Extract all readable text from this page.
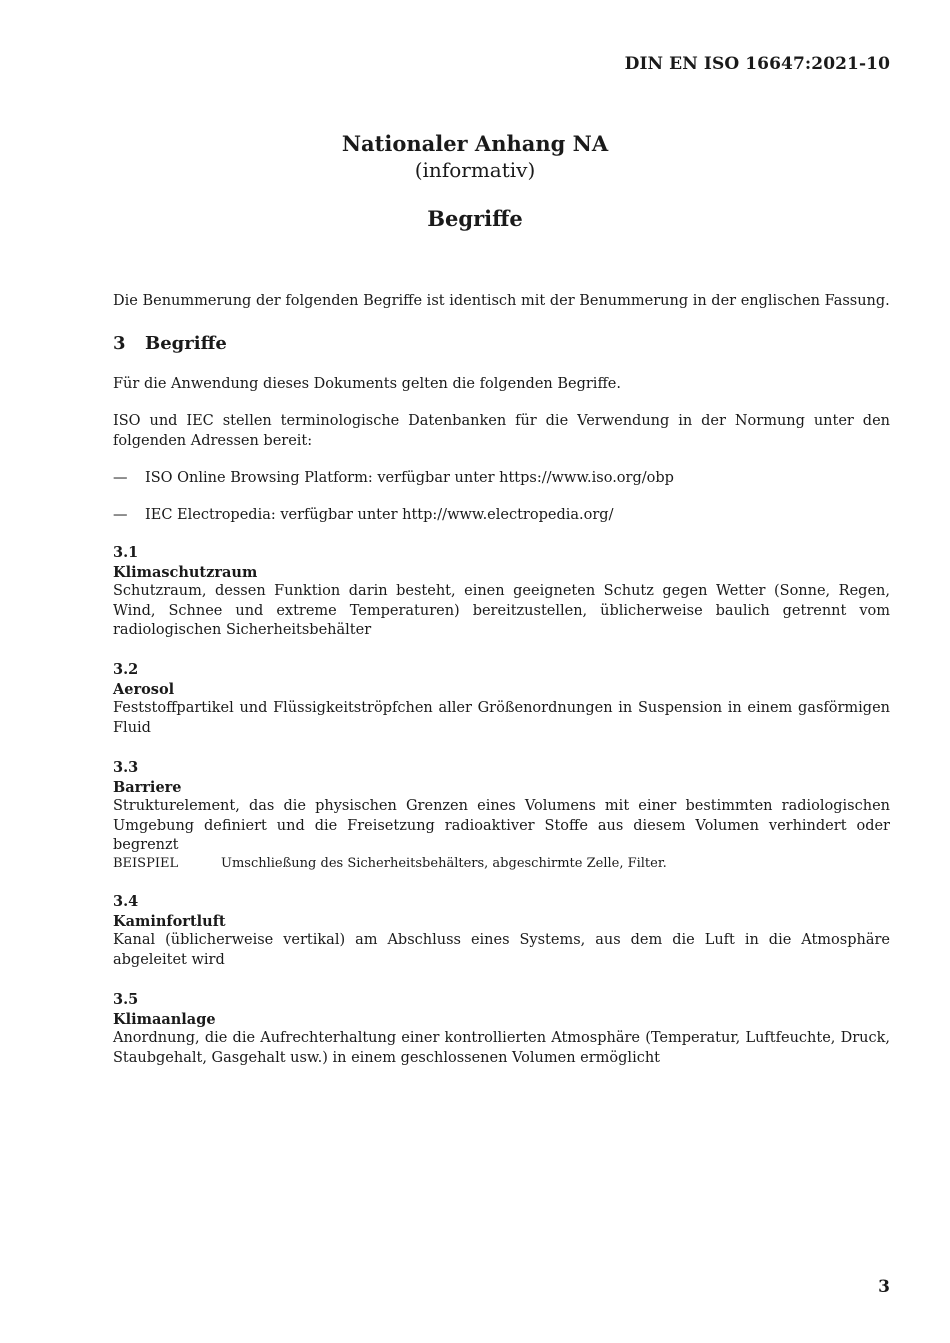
DIN EN ISO 16647:2021-10
Nationaler Anhang NA
(informativ)
Begriffe
Die Benummerung der folgenden Begriffe ist identisch mit der Benummerung in der englischen Fassung.
3 Begriffe
Für die Anwendung dieses Dokuments gelten die folgenden Begriffe.
ISO und IEC stellen terminologische Datenbanken für die Verwendung in der Normung unter den folgenden Adressen bereit:
— ISO Online Browsing Platform: verfügbar unter https://www.iso.org/obp
— IEC Electropedia: verfügbar unter http://www.electropedia.org/
3.1
Klimaschutzraum
Schutzraum, dessen Funktion darin besteht, einen geeigneten Schutz gegen Wetter (Sonne, Regen, Wind, Schnee und extreme Temperaturen) bereitzustellen, üblicherweise baulich getrennt vom radiologischen Sicherheitsbehälter
3.2
Aerosol
Feststoffpartikel und Flüssigkeitströpfchen aller Größenordnungen in Suspension in einem gasförmigen Fluid
3.3
Barriere
Strukturelement, das die physischen Grenzen eines Volumens mit einer bestimmten radiologischen Umgebung definiert und die Freisetzung radioaktiver Stoffe aus diesem Volumen verhindert oder begrenzt
BEISPIEL	Umschließung des Sicherheitsbehälters, abgeschirmte Zelle, Filter.
3.4
Kaminfortluft
Kanal (üblicherweise vertikal) am Abschluss eines Systems, aus dem die Luft in die Atmosphäre abgeleitet wird
3.5
Klimaanlage
Anordnung, die die Aufrechterhaltung einer kontrollierten Atmosphäre (Temperatur, Luftfeuchte, Druck, Staubgehalt, Gasgehalt usw.) in einem geschlossenen Volumen ermöglicht
3
